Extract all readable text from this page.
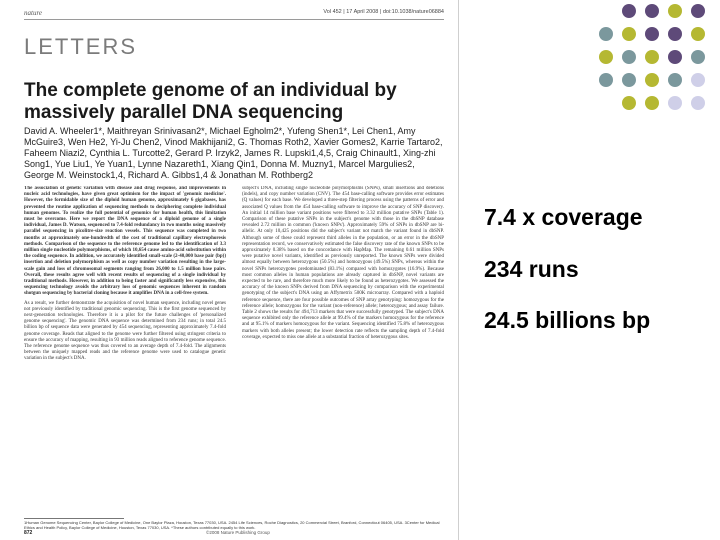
nature	Vol 452 | 17 April 2008 | doi:10.1038/nature06884
LETTERS
The complete genome of an individual by massively parallel DNA sequencing

David A. Wheeler1*, Maithreyan Srinivasan2*, Michael Egholm2*, Yufeng Shen1*, Lei Chen1, Amy McGuire3, Wen He2, Yi-Ju Chen2, Vinod Makhijani2, G. Thomas Roth2, Xavier Gomes2, Karrie Tartaro2, Faheem Niazi2, Cynthia L. Turcotte2, Gerard P. Irzyk2, James R. Lupski1,4,5, Craig Chinault1, Xing-zhi Song1, Yue Liu1, Ye Yuan1, Lynne Nazareth1, Xiang Qin1, Donna M. Muzny1, Marcel Margulies2, George M. Weinstock1,4, Richard A. Gibbs1,4 & Jonathan M. Rothberg2

The association of genetic variation with disease and drug response, and improvements in nucleic acid technologies, have given great optimism for the impact of 'genomic medicine'. However, the formidable size of the diploid human genome, approximately 6 gigabases, has prevented the routine application of sequencing methods to deciphering complete individual human genomes. To realize the full potential of genomics for human health, this limitation must be overcome. Here we report the DNA sequence of a diploid genome of a single individual, James D. Watson, sequenced to 7.4-fold redundancy in two months using massively parallel sequencing in picolitre-size reaction vessels. This sequence was completed in two months at approximately one-hundredth of the cost of traditional capillary electrophoresis methods. Comparison of the sequence to the reference genome led to the identification of 3.3 million single nucleotide polymorphisms, of which 10,654 cause amino-acid substitution within the coding sequence. In addition, we accurately identified small-scale (2-40,000 base pair (bp)) insertion and deletion polymorphism as well as copy number variation resulting in the large-scale gain and loss of chromosomal segments ranging from 26,000 to 1.5 million base pairs. Overall, these results agree well with recent results of sequencing of a single individual by traditional methods. However, in addition to being faster and significantly less expensive, this sequencing technology avoids the arbitrary loss of genomic sequences inherent in random shotgun sequencing by bacterial cloning because it amplifies DNA in a cell-free system.

As a result, we further demonstrate the acquisition of novel human sequence, including novel genes not previously identified by traditional genomic sequencing. This is the first genome sequenced by next-generation technologies. Therefore it is a pilot for the future challenges of 'personalized genome sequencing'. The genomic DNA sequence was determined from 234 runs; in total 24.5 billion bp of sequence data were generated by 454 sequencing, representing approximately 7.4-fold genome coverage. Reads that aligned to the genome were further filtered using stringent criteria to ensure the accuracy of mapping, resulting in 93 million reads aligned to reference genome sequence. The reference genome sequence was thus covered to an average depth of 7.4-fold. The alignments between the uniquely mapped reads and the reference genome were used to catalogue genetic variation in the subject's DNA.

subject's DNA, including single nucleotide polymorphisms (SNPs), small insertions and deletions (indels), and copy number variation (CNV). The 454 base-calling software provides error estimates (Q values) for each base. We developed a three-step filtering process using the patterns of error and associated Q values from the 454 base-calling software to improve the accuracy of SNP discovery. An initial 14 million base variant positions were filtered to 3.32 million putative SNPs (Table 1). Comparison of these putative SNPs in the subject's genome with those in the dbSNP database revealed 2.72 million in common ('known SNPs'). Approximately 59% of SNPs in dbSNP are bi-allelic. At only 10,425 positions did the subject's variant not match the variant found in dbSNP. Although some of these could represent third alleles in the population, or an error in the dbSNP representation record, we conservatively estimated the false discovery rate of the known SNPs to be approximately 0.38% based on the concordance with HapMap. The remaining 0.61 million SNPs were putative novel variants, identified as previously unreported. The known SNPs were divided almost equally between heterozygous (50.5%) and homozygous (49.5%) SNPs, whereas within the novel SNPs heterozygotes predominated (83.1%) compared with homozygotes (16.9%). Because most common alleles in human populations are already captured in dbSNP, novel variants are expected to be rare, and therefore much more likely to be found as heterozygotes. We assessed the accuracy of the known SNPs derived from DNA sequencing by comparison with the experimental genotyping of the subject's DNA using an Affymetrix 500K microarray. Compared with a haploid reference sequence, there are four possible outcomes of SNP array genotyping: homozygous for the reference allele; homozygous for the variant (non-reference) allele; heterozygous; and assay failure. Table 2 shows the results for 494,713 markers that were successfully genotyped. The subject's DNA sequence exhibited only the reference allele at 99.4% of the markers homozygous for the reference and at 95.1% of markers homozygous for the variant. Sequencing identified 75.8% of heterozygous markers with both alleles present; the lower detection rate reflects the sampling depth of 7.4-fold coverage, expected to miss one allele at a substantial fraction of heterozygous sites.

1Human Genome Sequencing Center, Baylor College of Medicine, One Baylor Plaza, Houston, Texas 77030, USA. 2454 Life Sciences, Roche Diagnostics, 20 Commercial Street, Branford, Connecticut 06405, USA. 3Center for Medical Ethics and Health Policy, Baylor College of Medicine, Houston, Texas 77030, USA. *These authors contributed equally to this work.
872	©2008 Nature Publishing Group

7.4 x coverage

234 runs

24.5 billions bp
